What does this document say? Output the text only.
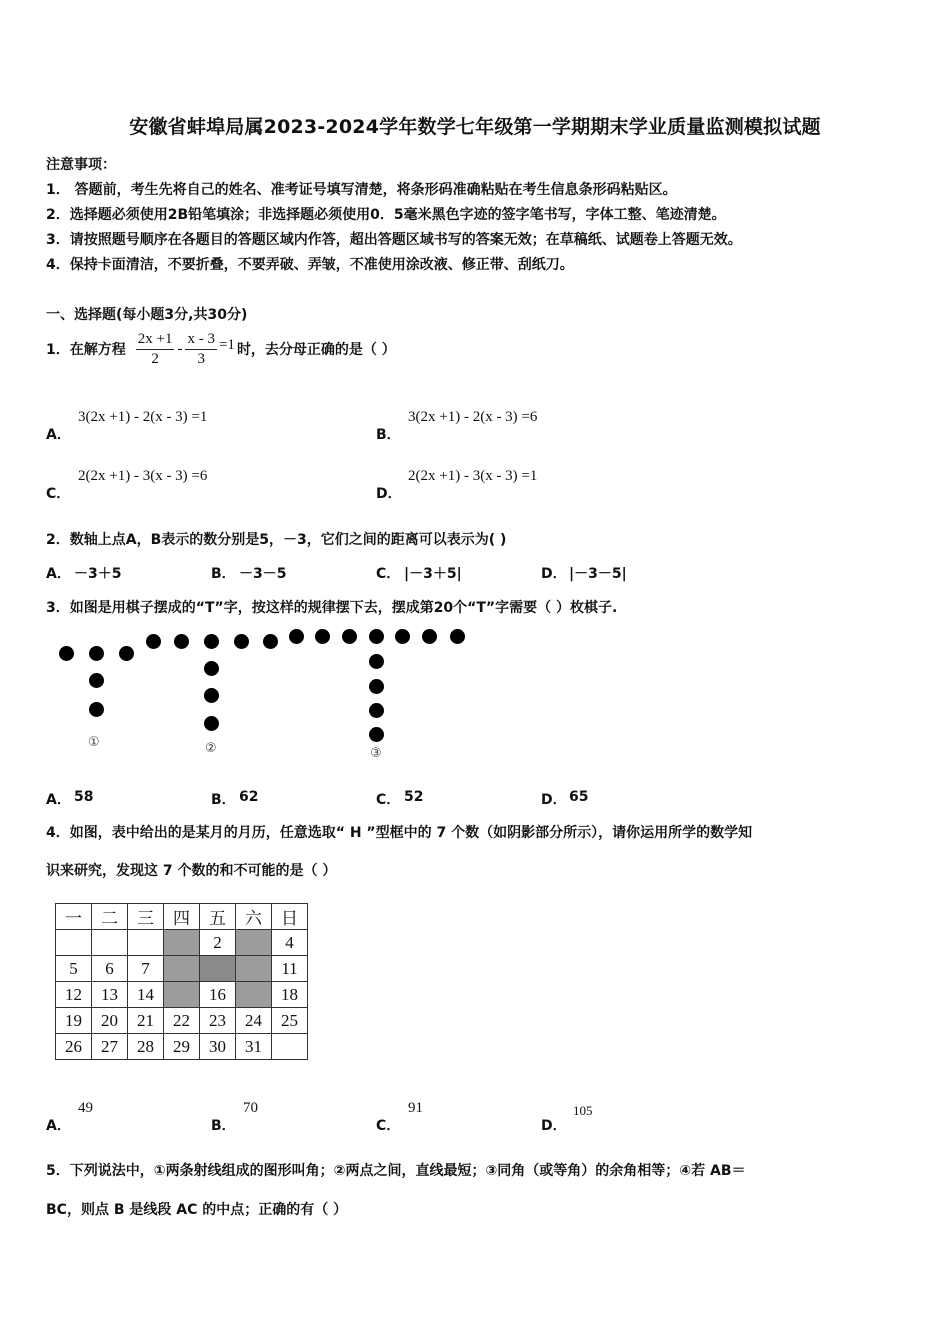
安徽省蚌埠局属2023-2024学年数学七年级第一学期期末学业质量监测模拟试题
注意事项：
1． 答题前，考生先将自己的姓名、准考证号填写清楚，将条形码准确粘贴在考生信息条形码粘贴区。
2．选择题必须使用2B铅笔填涂；非选择题必须使用0．5毫米黑色字迹的签字笔书写，字体工整、笔迹清楚。
3．请按照题号顺序在各题目的答题区域内作答，超出答题区域书写的答案无效；在草稿纸、试题卷上答题无效。
4．保持卡面清洁，不要折叠，不要弄破、弄皱，不准使用涂改液、修正带、刮纸刀。
一、选择题(每小题3分,共30分)
1．在解方程 $\frac{2x +1}{2} - \frac{x - 3}{3} =1$ 时，去分母正确的是（ ）
A．
3(2x +1) - 2(x - 3) =1
B．
3(2x +1) - 2(x - 3) =6
C．
2(2x +1) - 3(x - 3) =6
D．
2(2x +1) - 3(x - 3) =1
2．数轴上点A，B表示的数分别是5，－3，它们之间的距离可以表示为( )
A． －3＋5	B． －3－5	C． |－3＋5|	D． |－3－5|
3．如图是用棋子摆成的“T”字，按这样的规律摆下去，摆成第20个“T”字需要（ ）枚棋子.
①	②	③
A． 58	B． 62	C． 52	D． 65
4．如图，表中给出的是某月的月历，任意选取“ H ”型框中的 7 个数（如阴影部分所示），请你运用所学的数学知
识来研究，发现这 7 个数的和不可能的是（ ）
一	二	三	四	五	六	日
				2		4
5	6	7				11
12	13	14		16		18
19	20	21	22	23	24	25
26	27	28	29	30	31	
A．
49
B．
70
C．
91
D．
105
5．下列说法中，①两条射线组成的图形叫角；②两点之间，直线最短；③同角（或等角）的余角相等；④若 AB＝
BC，则点 B 是线段 AC 的中点；正确的有（ ）
